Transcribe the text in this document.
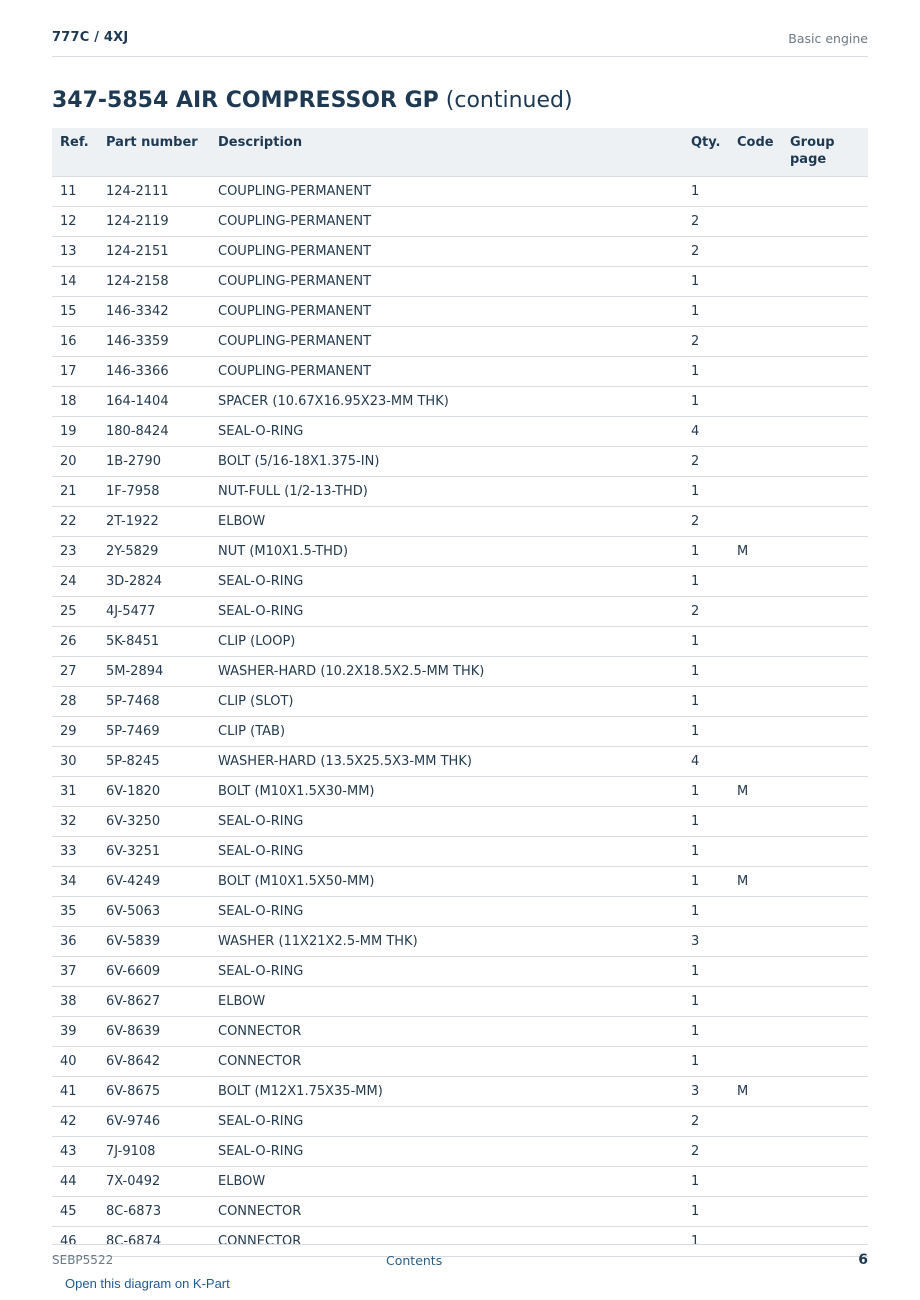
777C / 4XJ	Basic engine
347-5854 AIR COMPRESSOR GP (continued)
Ref.	Part number	Description	Qty.	Code	Group page
11	124-2111	COUPLING-PERMANENT	1		
12	124-2119	COUPLING-PERMANENT	2		
13	124-2151	COUPLING-PERMANENT	2		
14	124-2158	COUPLING-PERMANENT	1		
15	146-3342	COUPLING-PERMANENT	1		
16	146-3359	COUPLING-PERMANENT	2		
17	146-3366	COUPLING-PERMANENT	1		
18	164-1404	SPACER (10.67X16.95X23-MM THK)	1		
19	180-8424	SEAL-O-RING	4		
20	1B-2790	BOLT (5/16-18X1.375-IN)	2		
21	1F-7958	NUT-FULL (1/2-13-THD)	1		
22	2T-1922	ELBOW	2		
23	2Y-5829	NUT (M10X1.5-THD)	1	M	
24	3D-2824	SEAL-O-RING	1		
25	4J-5477	SEAL-O-RING	2		
26	5K-8451	CLIP (LOOP)	1		
27	5M-2894	WASHER-HARD (10.2X18.5X2.5-MM THK)	1		
28	5P-7468	CLIP (SLOT)	1		
29	5P-7469	CLIP (TAB)	1		
30	5P-8245	WASHER-HARD (13.5X25.5X3-MM THK)	4		
31	6V-1820	BOLT (M10X1.5X30-MM)	1	M	
32	6V-3250	SEAL-O-RING	1		
33	6V-3251	SEAL-O-RING	1		
34	6V-4249	BOLT (M10X1.5X50-MM)	1	M	
35	6V-5063	SEAL-O-RING	1		
36	6V-5839	WASHER (11X21X2.5-MM THK)	3		
37	6V-6609	SEAL-O-RING	1		
38	6V-8627	ELBOW	1		
39	6V-8639	CONNECTOR	1		
40	6V-8642	CONNECTOR	1		
41	6V-8675	BOLT (M12X1.75X35-MM)	3	M	
42	6V-9746	SEAL-O-RING	2		
43	7J-9108	SEAL-O-RING	2		
44	7X-0492	ELBOW	1		
45	8C-6873	CONNECTOR	1		
46	8C-6874	CONNECTOR	1		
SEBP5522	Contents	6
Open this diagram on K-Part
